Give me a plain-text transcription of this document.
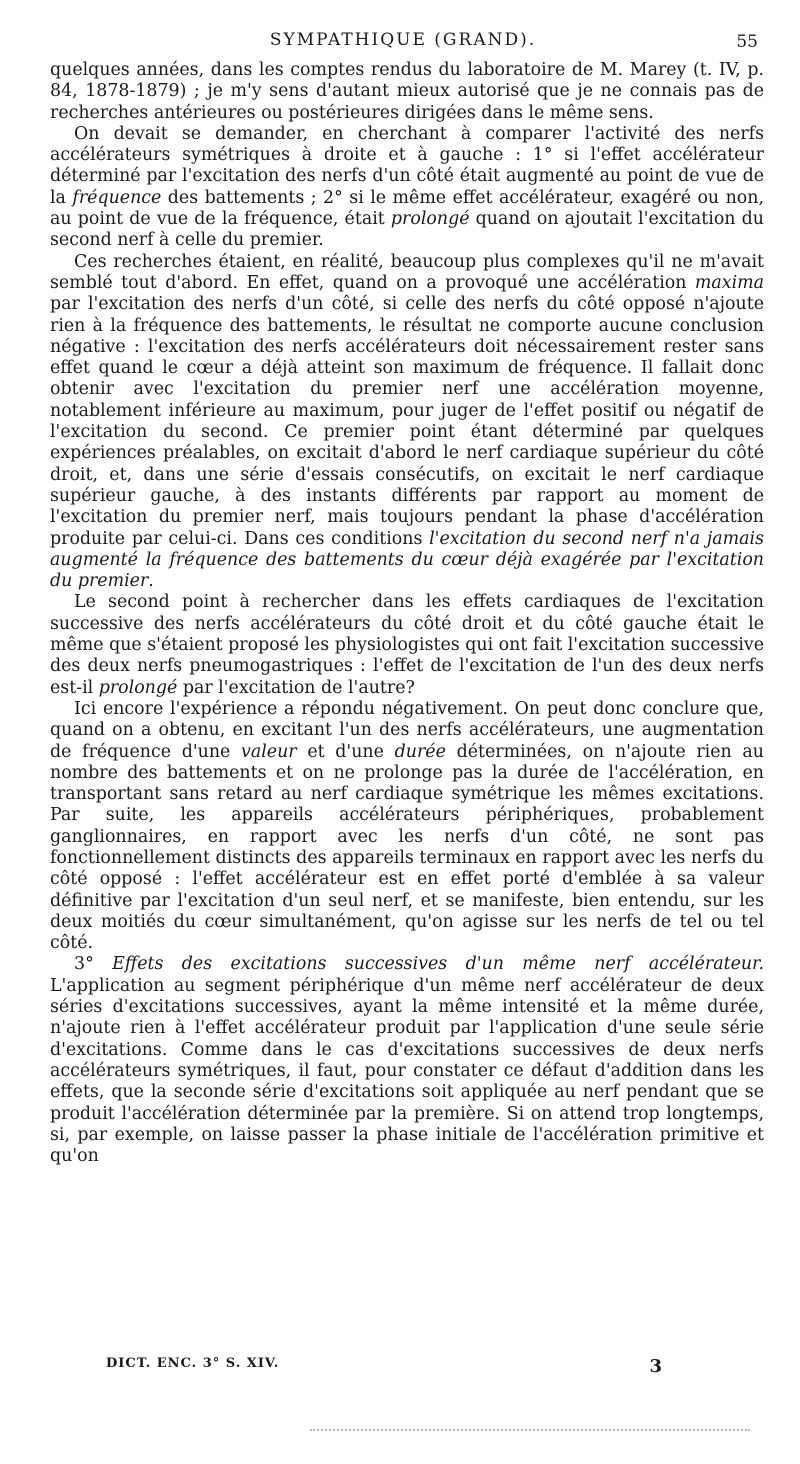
SYMPATHIQUE (GRAND).	55

quelques années, dans les comptes rendus du laboratoire de M. Marey (t. IV, p. 84, 1878-1879) ; je m'y sens d'autant mieux autorisé que je ne connais pas de recherches antérieures ou postérieures dirigées dans le même sens.

On devait se demander, en cherchant à comparer l'activité des nerfs accélérateurs symétriques à droite et à gauche : 1° si l'effet accélérateur déterminé par l'excitation des nerfs d'un côté était augmenté au point de vue de la fréquence des battements ; 2° si le même effet accélérateur, exagéré ou non, au point de vue de la fréquence, était prolongé quand on ajoutait l'excitation du second nerf à celle du premier.

Ces recherches étaient, en réalité, beaucoup plus complexes qu'il ne m'avait semblé tout d'abord. En effet, quand on a provoqué une accélération maxima par l'excitation des nerfs d'un côté, si celle des nerfs du côté opposé n'ajoute rien à la fréquence des battements, le résultat ne comporte aucune conclusion négative : l'excitation des nerfs accélérateurs doit nécessairement rester sans effet quand le cœur a déjà atteint son maximum de fréquence. Il fallait donc obtenir avec l'excitation du premier nerf une accélération moyenne, notablement inférieure au maximum, pour juger de l'effet positif ou négatif de l'excitation du second. Ce premier point étant déterminé par quelques expériences préalables, on excitait d'abord le nerf cardiaque supérieur du côté droit, et, dans une série d'essais consécutifs, on excitait le nerf cardiaque supérieur gauche, à des instants différents par rapport au moment de l'excitation du premier nerf, mais toujours pendant la phase d'accélération produite par celui-ci. Dans ces conditions l'excitation du second nerf n'a jamais augmenté la fréquence des battements du cœur déjà exagérée par l'excitation du premier.

Le second point à rechercher dans les effets cardiaques de l'excitation successive des nerfs accélérateurs du côté droit et du côté gauche était le même que s'étaient proposé les physiologistes qui ont fait l'excitation successive des deux nerfs pneumogastriques : l'effet de l'excitation de l'un des deux nerfs est-il prolongé par l'excitation de l'autre?

Ici encore l'expérience a répondu négativement. On peut donc conclure que, quand on a obtenu, en excitant l'un des nerfs accélérateurs, une augmentation de fréquence d'une valeur et d'une durée déterminées, on n'ajoute rien au nombre des battements et on ne prolonge pas la durée de l'accélération, en transportant sans retard au nerf cardiaque symétrique les mêmes excitations. Par suite, les appareils accélérateurs périphériques, probablement ganglionnaires, en rapport avec les nerfs d'un côté, ne sont pas fonctionnellement distincts des appareils terminaux en rapport avec les nerfs du côté opposé : l'effet accélérateur est en effet porté d'emblée à sa valeur définitive par l'excitation d'un seul nerf, et se manifeste, bien entendu, sur les deux moitiés du cœur simultanément, qu'on agisse sur les nerfs de tel ou tel côté.

3° Effets des excitations successives d'un même nerf accélérateur. L'application au segment périphérique d'un même nerf accélérateur de deux séries d'excitations successives, ayant la même intensité et la même durée, n'ajoute rien à l'effet accélérateur produit par l'application d'une seule série d'excitations. Comme dans le cas d'excitations successives de deux nerfs accélérateurs symétriques, il faut, pour constater ce défaut d'addition dans les effets, que la seconde série d'excitations soit appliquée au nerf pendant que se produit l'accélération déterminée par la première. Si on attend trop longtemps, si, par exemple, on laisse passer la phase initiale de l'accélération primitive et qu'on

DICT. ENC. 3° S. XIV.	3
